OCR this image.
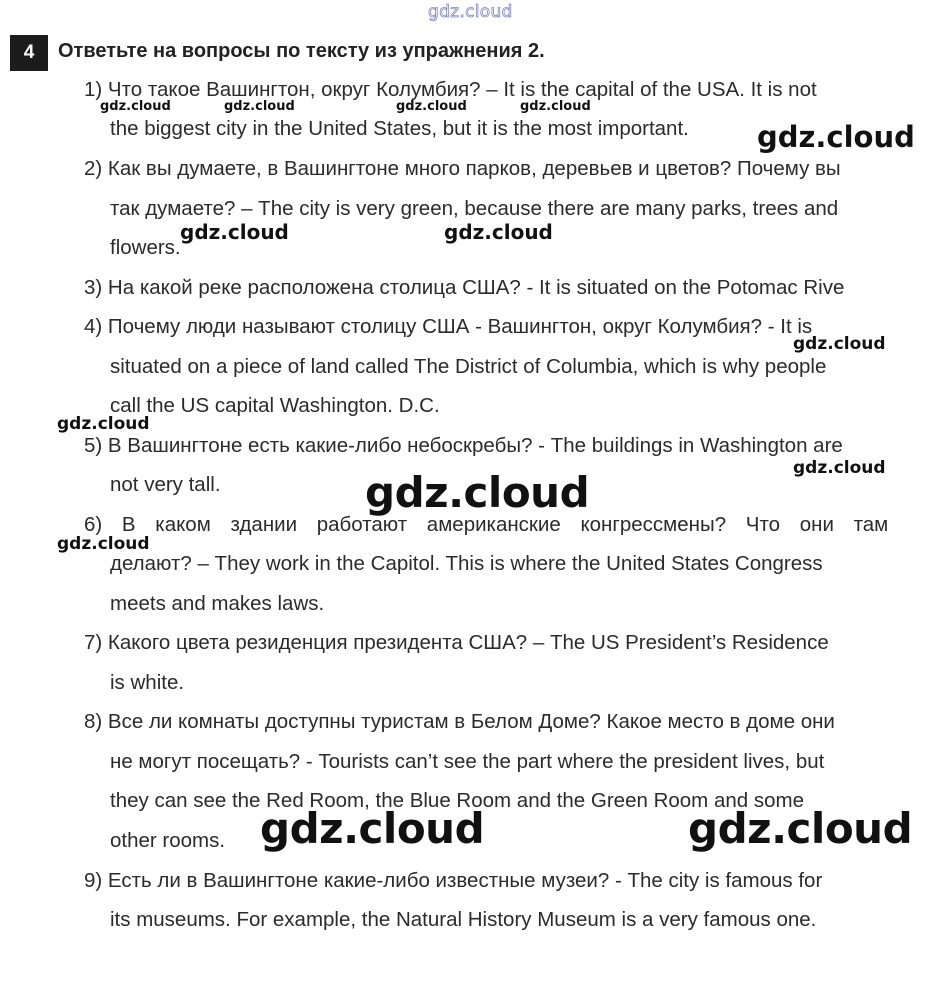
gdz.cloud
4	Ответьте на вопросы по тексту из упражнения 2.
1) Что такое Вашингтон, округ Колумбия? – It is the capital of the USA. It is not
the biggest city in the United States, but it is the most important.
2) Как вы думаете, в Вашингтоне много парков, деревьев и цветов? Почему вы
так думаете? – The city is very green, because there are many parks, trees and
flowers.
3) На какой реке расположена столица США? - It is situated on the Potomac Rive
4) Почему люди называют столицу США - Вашингтон, округ Колумбия? - It is
situated on a piece of land called The District of Columbia, which is why people
call the US capital Washington. D.C.
5) В Вашингтоне есть какие-либо небоскребы? - The buildings in Washington are
not very tall.
6) В каком здании работают американские конгрессмены? Что они там
делают? – They work in the Capitol. This is where the United States Congress
meets and makes laws.
7) Какого цвета резиденция президента США? – The US President’s Residence
is white.
8) Все ли комнаты доступны туристам в Белом Доме? Какое место в доме они
не могут посещать? - Tourists can’t see the part where the president lives, but
they can see the Red Room, the Blue Room and the Green Room and some
other rooms.
9) Есть ли в Вашингтоне какие-либо известные музеи? - The city is famous for
its museums. For example, the Natural History Museum is a very famous one.
gdz.cloud	gdz.cloud	gdz.cloud	gdz.cloud
gdz.cloud
gdz.cloud	gdz.cloud
gdz.cloud
gdz.cloud
gdz.cloud
gdz.cloud
gdz.cloud
gdz.cloud	gdz.cloud
